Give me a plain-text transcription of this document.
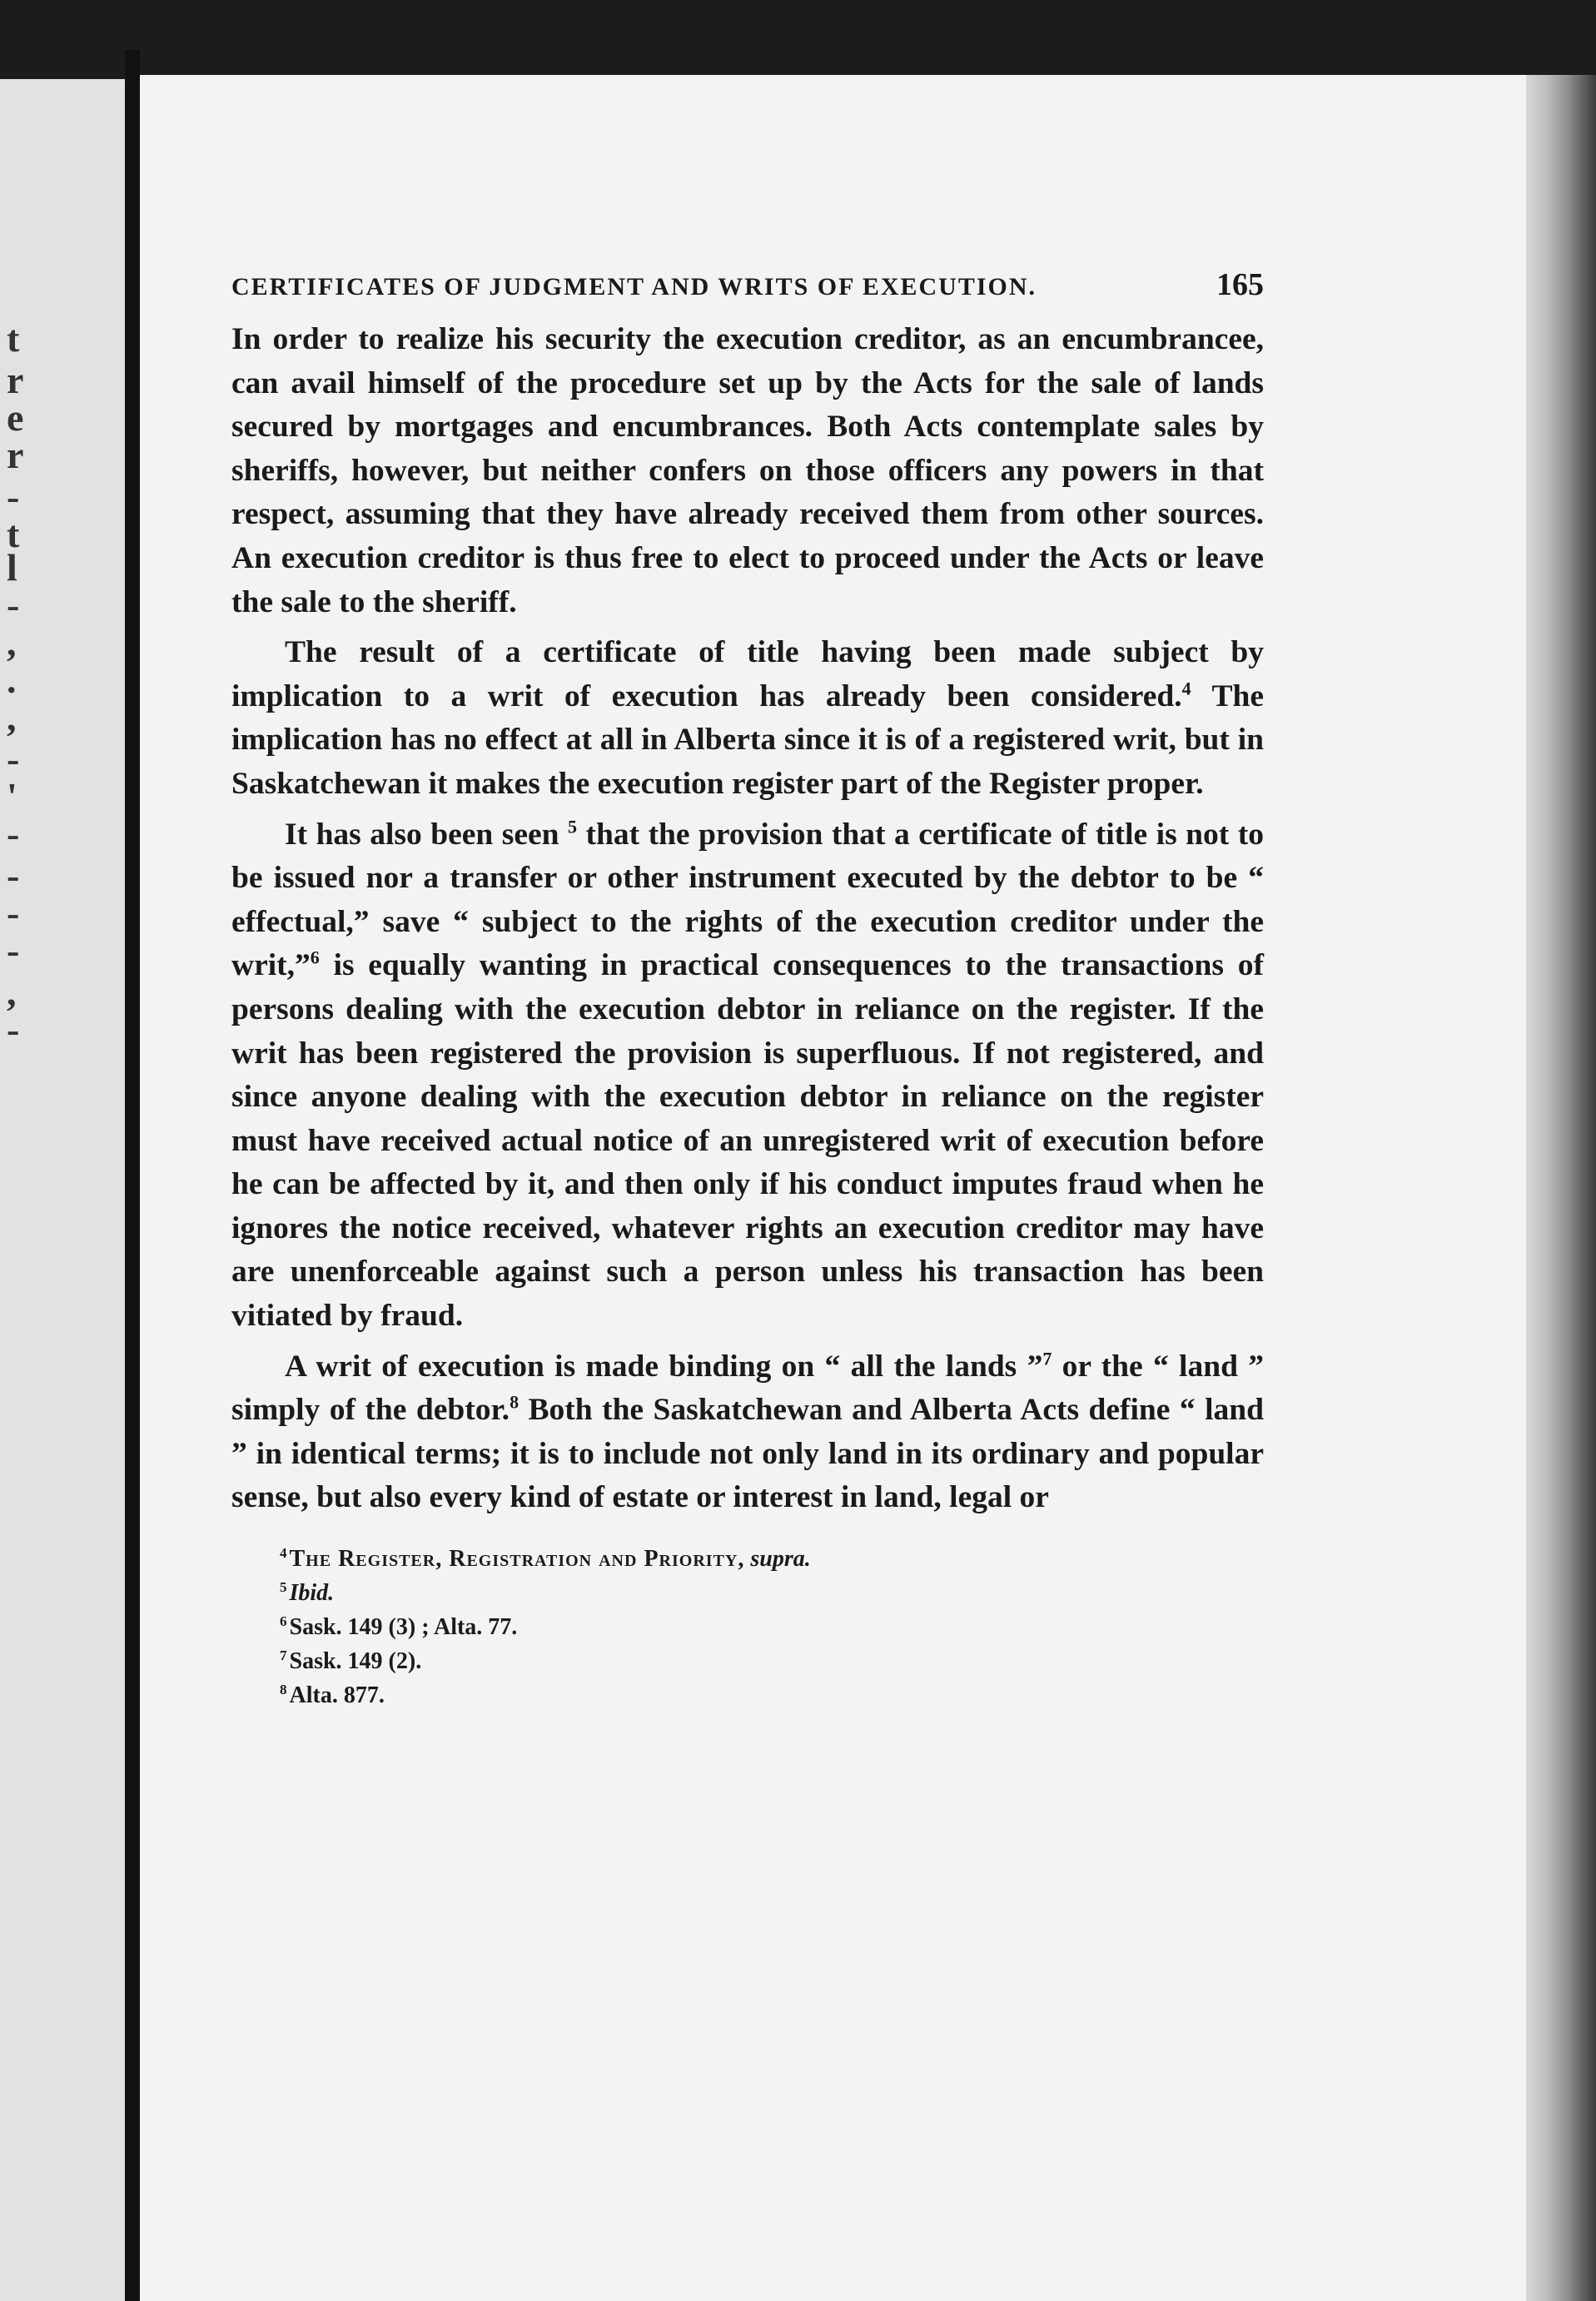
t
r
e
r
-
t
l
-
,
.
,
-
'
-
-
-
-
,
-
CERTIFICATES OF JUDGMENT AND WRITS OF EXECUTION.	165

In order to realize his security the execution creditor, as an encumbrancee, can avail himself of the procedure set up by the Acts for the sale of lands secured by mortgages and encumbrances. Both Acts contemplate sales by sheriffs, however, but neither confers on those officers any powers in that respect, assuming that they have already received them from other sources. An execution creditor is thus free to elect to proceed under the Acts or leave the sale to the sheriff.

The result of a certificate of title having been made subject by implication to a writ of execution has already been considered.$^4$ The implication has no effect at all in Alberta since it is of a registered writ, but in Saskatchewan it makes the execution register part of the Register proper.

It has also been seen $^5$ that the provision that a certificate of title is not to be issued nor a transfer or other instrument executed by the debtor to be “ effectual,” save “ subject to the rights of the execution creditor under the writ,”$^6$ is equally wanting in practical consequences to the transactions of persons dealing with the execution debtor in reliance on the register. If the writ has been registered the provision is superfluous. If not registered, and since anyone dealing with the execution debtor in reliance on the register must have received actual notice of an unregistered writ of execution before he can be affected by it, and then only if his conduct imputes fraud when he ignores the notice received, whatever rights an execution creditor may have are unenforceable against such a person unless his transaction has been vitiated by fraud.

A writ of execution is made binding on “ all the lands ”$^7$ or the “ land ” simply of the debtor.$^8$ Both the Saskatchewan and Alberta Acts define “ land ” in identical terms; it is to include not only land in its ordinary and popular sense, but also every kind of estate or interest in land, legal or

$^4$ The Register, Registration and Priority, supra.
$^5$ Ibid.
$^6$ Sask. 149 (3) ; Alta. 77.
$^7$ Sask. 149 (2).
$^8$ Alta. 877.
